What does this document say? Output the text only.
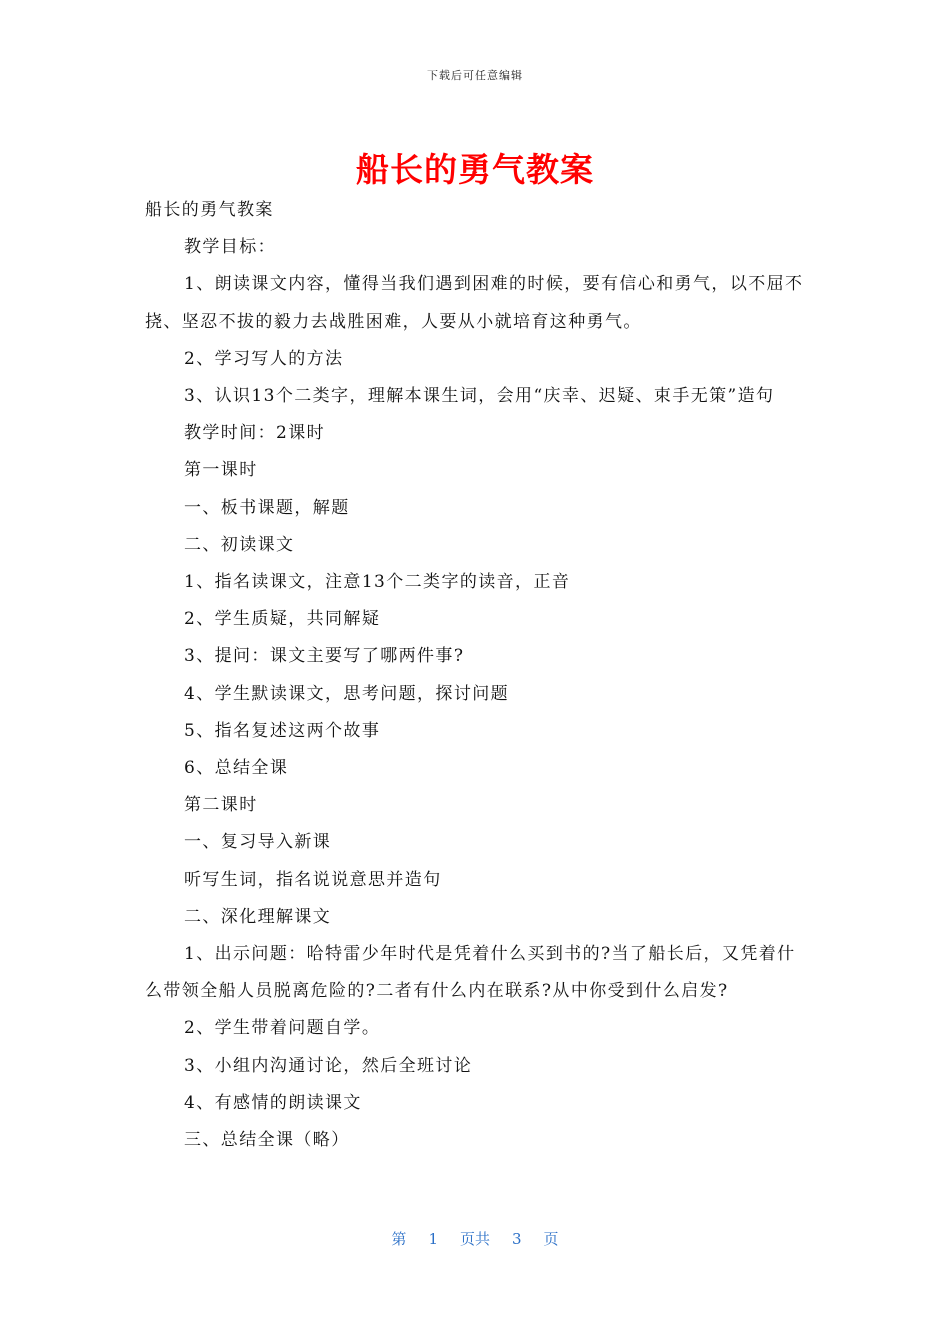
下载后可任意编辑
船长的勇气教案

船长的勇气教案

教学目标：

1、朗读课文内容，懂得当我们遇到困难的时候，要有信心和勇气，以不屈不挠、坚忍不拔的毅力去战胜困难，人要从小就培育这种勇气。

2、学习写人的方法

3、认识13个二类字，理解本课生词，会用“庆幸、迟疑、束手无策”造句

教学时间：2课时

第一课时

一、板书课题，解题

二、初读课文

1、指名读课文，注意13个二类字的读音，正音

2、学生质疑，共同解疑

3、提问：课文主要写了哪两件事?

4、学生默读课文，思考问题，探讨问题

5、指名复述这两个故事

6、总结全课

第二课时

一、复习导入新课

听写生词，指名说说意思并造句

二、深化理解课文

1、出示问题：哈特雷少年时代是凭着什么买到书的?当了船长后，又凭着什么带领全船人员脱离危险的?二者有什么内在联系?从中你受到什么启发?

2、学生带着问题自学。

3、小组内沟通讨论，然后全班讨论

4、有感情的朗读课文

三、总结全课（略）

第 1 页共 3 页
